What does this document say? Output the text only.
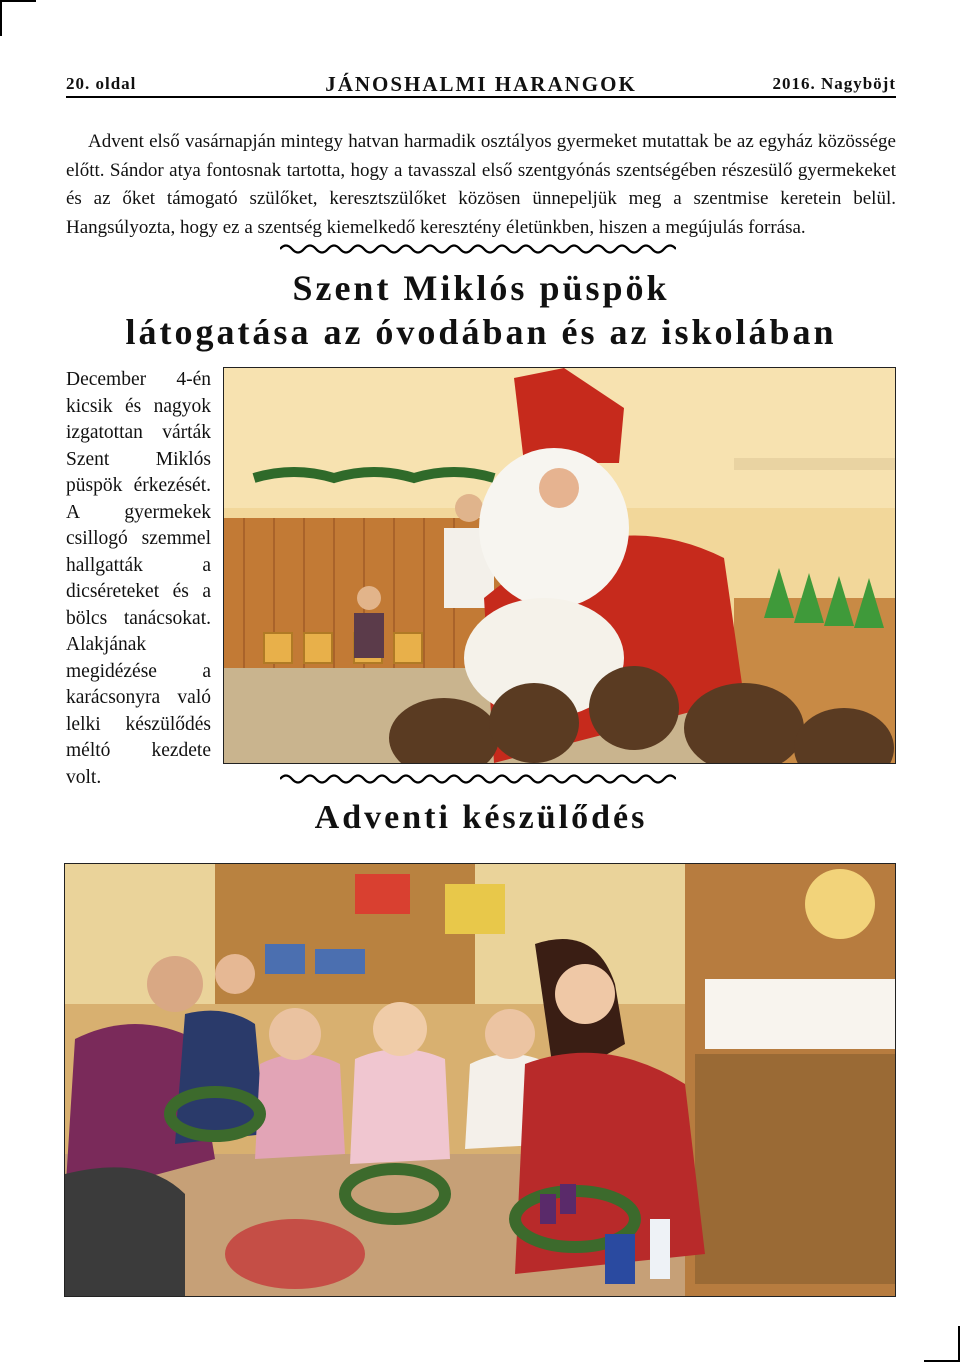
20. oldal	JÁNOSHALMI HARANGOK	2016. Nagyböjt
Advent első vasárnapján mintegy hatvan harmadik osztályos gyermeket mutattak be az egyház közössége előtt. Sándor atya fontosnak tartotta, hogy a tavasszal első szentgyónás szentségében részesülő gyermekeket és az őket támogató szülőket, keresztszülőket közösen ünnepeljük meg a szentmise keretein belül. Hangsúlyozta, hogy ez a szentség kiemelkedő keresztény életünkben, hiszen a megújulás forrása.
Szent Miklós püspök
látogatása az óvodában és az iskolában
December 4-én kicsik és nagyok izgatottan várták Szent Miklós püspök érkezését. A gyermekek csillogó szemmel hallgatták a dicséreteket és a bölcs tanácsokat. Alakjának megidézése a karácsonyra való lelki készülődés méltó kezdete volt.
Adventi készülődés
